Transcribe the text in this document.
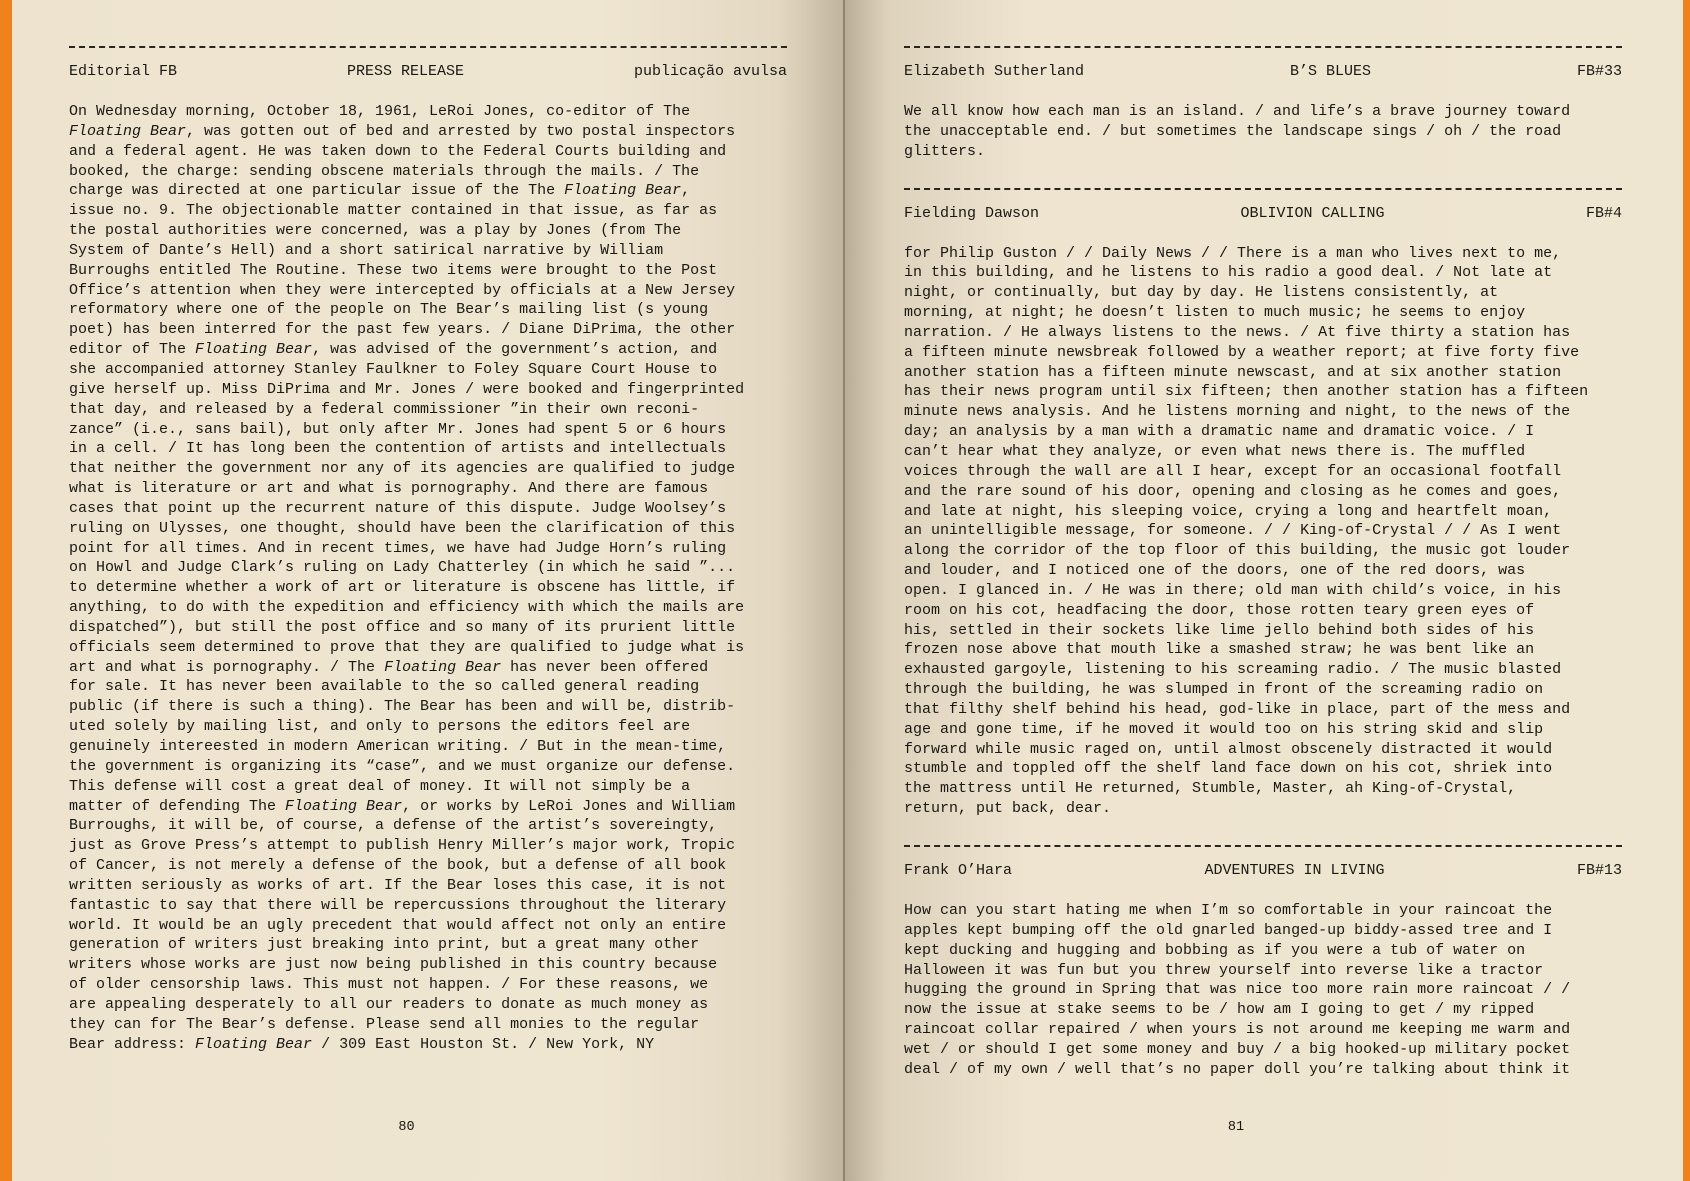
Editorial FB	PRESS RELEASE	publicação avulsa
On Wednesday morning, October 18, 1961, LeRoi Jones, co-editor of The
Floating Bear, was gotten out of bed and arrested by two postal inspectors
and a federal agent. He was taken down to the Federal Courts building and
booked, the charge: sending obscene materials through the mails. / The
charge was directed at one particular issue of the The Floating Bear,
issue no. 9. The objectionable matter contained in that issue, as far as
the postal authorities were concerned, was a play by Jones (from The
System of Dante’s Hell) and a short satirical narrative by William
Burroughs entitled The Routine. These two items were brought to the Post
Office’s attention when they were intercepted by officials at a New Jersey
reformatory where one of the people on The Bear’s mailing list (s young
poet) has been interred for the past few years. / Diane DiPrima, the other
editor of The Floating Bear, was advised of the government’s action, and
she accompanied attorney Stanley Faulkner to Foley Square Court House to
give herself up. Miss DiPrima and Mr. Jones / were booked and fingerprinted
that day, and released by a federal commissioner ”in their own reconi-
zance” (i.e., sans bail), but only after Mr. Jones had spent 5 or 6 hours
in a cell. / It has long been the contention of artists and intellectuals
that neither the government nor any of its agencies are qualified to judge
what is literature or art and what is pornography. And there are famous
cases that point up the recurrent nature of this dispute. Judge Woolsey’s
ruling on Ulysses, one thought, should have been the clarification of this
point for all times. And in recent times, we have had Judge Horn’s ruling
on Howl and Judge Clark’s ruling on Lady Chatterley (in which he said ”...
to determine whether a work of art or literature is obscene has little, if
anything, to do with the expedition and efficiency with which the mails are
dispatched”), but still the post office and so many of its prurient little
officials seem determined to prove that they are qualified to judge what is
art and what is pornography. / The Floating Bear has never been offered
for sale. It has never been available to the so called general reading
public (if there is such a thing). The Bear has been and will be, distrib-
uted solely by mailing list, and only to persons the editors feel are
genuinely intereested in modern American writing. / But in the mean-time,
the government is organizing its “case”, and we must organize our defense.
This defense will cost a great deal of money. It will not simply be a
matter of defending The Floating Bear, or works by LeRoi Jones and William
Burroughs, it will be, of course, a defense of the artist’s sovereingty,
just as Grove Press’s attempt to publish Henry Miller’s major work, Tropic
of Cancer, is not merely a defense of the book, but a defense of all book
written seriously as works of art. If the Bear loses this case, it is not
fantastic to say that there will be repercussions throughout the literary
world. It would be an ugly precedent that would affect not only an entire
generation of writers just breaking into print, but a great many other
writers whose works are just now being published in this country because
of older censorship laws. This must not happen. / For these reasons, we
are appealing desperately to all our readers to donate as much money as
they can for The Bear’s defense. Please send all monies to the regular
Bear address: Floating Bear / 309 East Houston St. / New York, NY
80
Elizabeth Sutherland	B’S BLUES	FB#33
We all know how each man is an island. / and life’s a brave journey toward
the unacceptable end. / but sometimes the landscape sings / oh / the road
glitters.
Fielding Dawson	OBLIVION CALLING	FB#4
for Philip Guston / / Daily News / / There is a man who lives next to me,
in this building, and he listens to his radio a good deal. / Not late at
night, or continually, but day by day. He listens consistently, at
morning, at night; he doesn’t listen to much music; he seems to enjoy
narration. / He always listens to the news. / At five thirty a station has
a fifteen minute newsbreak followed by a weather report; at five forty five
another station has a fifteen minute newscast, and at six another station
has their news program until six fifteen; then another station has a fifteen
minute news analysis. And he listens morning and night, to the news of the
day; an analysis by a man with a dramatic name and dramatic voice. / I
can’t hear what they analyze, or even what news there is. The muffled
voices through the wall are all I hear, except for an occasional footfall
and the rare sound of his door, opening and closing as he comes and goes,
and late at night, his sleeping voice, crying a long and heartfelt moan,
an unintelligible message, for someone. / / King-of-Crystal / / As I went
along the corridor of the top floor of this building, the music got louder
and louder, and I noticed one of the doors, one of the red doors, was
open. I glanced in. / He was in there; old man with child’s voice, in his
room on his cot, headfacing the door, those rotten teary green eyes of
his, settled in their sockets like lime jello behind both sides of his
frozen nose above that mouth like a smashed straw; he was bent like an
exhausted gargoyle, listening to his screaming radio. / The music blasted
through the building, he was slumped in front of the screaming radio on
that filthy shelf behind his head, god-like in place, part of the mess and
age and gone time, if he moved it would too on his string skid and slip
forward while music raged on, until almost obscenely distracted it would
stumble and toppled off the shelf land face down on his cot, shriek into
the mattress until He returned, Stumble, Master, ah King-of-Crystal,
return, put back, dear.
Frank O’Hara	ADVENTURES IN LIVING	FB#13
How can you start hating me when I’m so comfortable in your raincoat the
apples kept bumping off the old gnarled banged-up biddy-assed tree and I
kept ducking and hugging and bobbing as if you were a tub of water on
Halloween it was fun but you threw yourself into reverse like a tractor
hugging the ground in Spring that was nice too more rain more raincoat / /
now the issue at stake seems to be / how am I going to get / my ripped
raincoat collar repaired / when yours is not around me keeping me warm and
wet / or should I get some money and buy / a big hooked-up military pocket
deal / of my own / well that’s no paper doll you’re talking about think it
81
